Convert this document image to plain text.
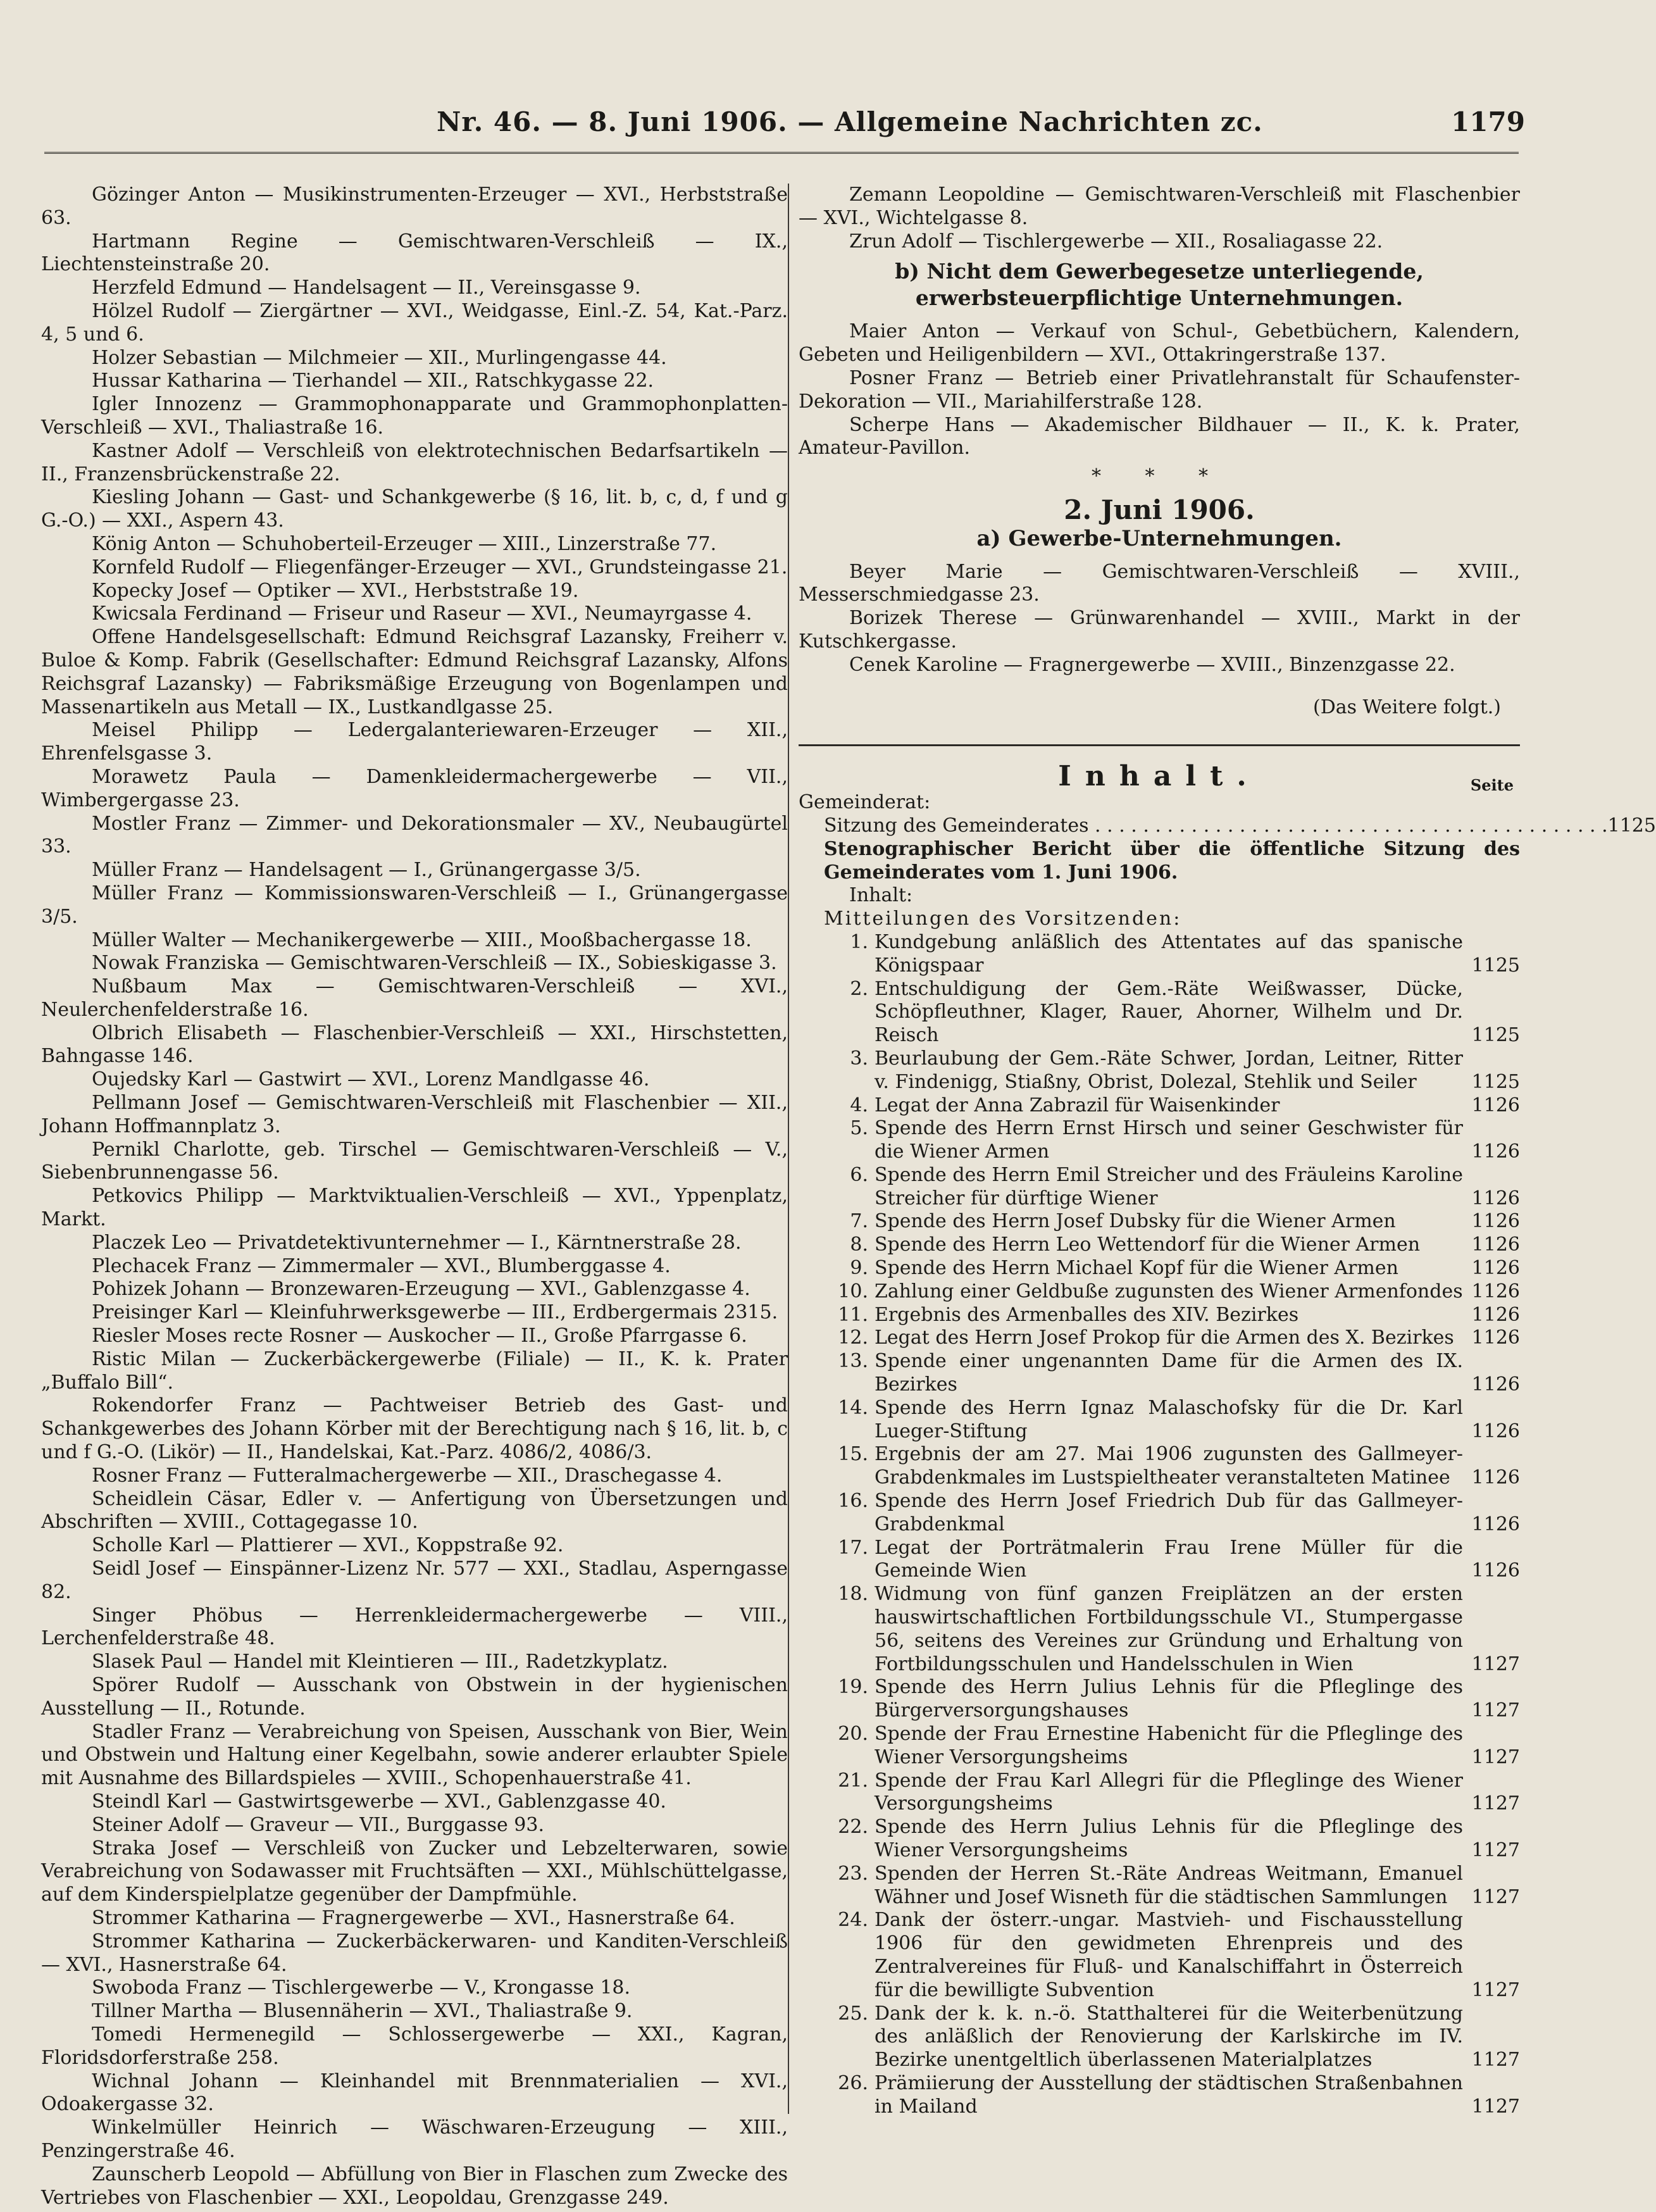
Nr. 46. — 8. Juni 1906. — Allgemeine Nachrichten zc.	1179

Gözinger Anton — Musikinstrumenten-Erzeuger — XVI., Herbststraße 63.

Hartmann Regine — Gemischtwaren-Verschleiß — IX., Liechtensteinstraße 20.

Herzfeld Edmund — Handelsagent — II., Vereinsgasse 9.

Hölzel Rudolf — Ziergärtner — XVI., Weidgasse, Einl.-Z. 54, Kat.-Parz. 4, 5 und 6.

Holzer Sebastian — Milchmeier — XII., Murlingengasse 44.

Hussar Katharina — Tierhandel — XII., Ratschkygasse 22.

Igler Innozenz — Grammophonapparate und Grammophonplatten-Verschleiß — XVI., Thaliastraße 16.

Kastner Adolf — Verschleiß von elektrotechnischen Bedarfsartikeln — II., Franzensbrückenstraße 22.

Kiesling Johann — Gast- und Schankgewerbe (§ 16, lit. b, c, d, f und g G.-O.) — XXI., Aspern 43.

König Anton — Schuhoberteil-Erzeuger — XIII., Linzerstraße 77.

Kornfeld Rudolf — Fliegenfänger-Erzeuger — XVI., Grundsteingasse 21.

Kopecky Josef — Optiker — XVI., Herbststraße 19.

Kwicsala Ferdinand — Friseur und Raseur — XVI., Neumayrgasse 4.

Offene Handelsgesellschaft: Edmund Reichsgraf Lazansky, Freiherr v. Buloe & Komp. Fabrik (Gesellschafter: Edmund Reichsgraf Lazansky, Alfons Reichsgraf Lazansky) — Fabriksmäßige Erzeugung von Bogenlampen und Massenartikeln aus Metall — IX., Lustkandlgasse 25.

Meisel Philipp — Ledergalanteriewaren-Erzeuger — XII., Ehrenfelsgasse 3.

Morawetz Paula — Damenkleidermachergewerbe — VII., Wimbergergasse 23.

Mostler Franz — Zimmer- und Dekorationsmaler — XV., Neubaugürtel 33.

Müller Franz — Handelsagent — I., Grünangergasse 3/5.

Müller Franz — Kommissionswaren-Verschleiß — I., Grünangergasse 3/5.

Müller Walter — Mechanikergewerbe — XIII., Mooßbachergasse 18.

Nowak Franziska — Gemischtwaren-Verschleiß — IX., Sobieskigasse 3.

Nußbaum Max — Gemischtwaren-Verschleiß — XVI., Neulerchenfelderstraße 16.

Olbrich Elisabeth — Flaschenbier-Verschleiß — XXI., Hirschstetten, Bahngasse 146.

Oujedsky Karl — Gastwirt — XVI., Lorenz Mandlgasse 46.

Pellmann Josef — Gemischtwaren-Verschleiß mit Flaschenbier — XII., Johann Hoffmannplatz 3.

Pernikl Charlotte, geb. Tirschel — Gemischtwaren-Verschleiß — V., Siebenbrunnengasse 56.

Petkovics Philipp — Marktviktualien-Verschleiß — XVI., Yppenplatz, Markt.

Placzek Leo — Privatdetektivunternehmer — I., Kärntnerstraße 28.

Plechacek Franz — Zimmermaler — XVI., Blumberggasse 4.

Pohizek Johann — Bronzewaren-Erzeugung — XVI., Gablenzgasse 4.

Preisinger Karl — Kleinfuhrwerksgewerbe — III., Erdbergermais 2315.

Riesler Moses recte Rosner — Auskocher — II., Große Pfarrgasse 6.

Ristic Milan — Zuckerbäckergewerbe (Filiale) — II., K. k. Prater „Buffalo Bill“.

Rokendorfer Franz — Pachtweiser Betrieb des Gast- und Schankgewerbes des Johann Körber mit der Berechtigung nach § 16, lit. b, c und f G.-O. (Likör) — II., Handelskai, Kat.-Parz. 4086/2, 4086/3.

Rosner Franz — Futteralmachergewerbe — XII., Draschegasse 4.

Scheidlein Cäsar, Edler v. — Anfertigung von Übersetzungen und Abschriften — XVIII., Cottagegasse 10.

Scholle Karl — Plattierer — XVI., Koppstraße 92.

Seidl Josef — Einspänner-Lizenz Nr. 577 — XXI., Stadlau, Asperngasse 82.

Singer Phöbus — Herrenkleidermachergewerbe — VIII., Lerchenfelderstraße 48.

Slasek Paul — Handel mit Kleintieren — III., Radetzkyplatz.

Spörer Rudolf — Ausschank von Obstwein in der hygienischen Ausstellung — II., Rotunde.

Stadler Franz — Verabreichung von Speisen, Ausschank von Bier, Wein und Obstwein und Haltung einer Kegelbahn, sowie anderer erlaubter Spiele mit Ausnahme des Billardspieles — XVIII., Schopenhauerstraße 41.

Steindl Karl — Gastwirtsgewerbe — XVI., Gablenzgasse 40.

Steiner Adolf — Graveur — VII., Burggasse 93.

Straka Josef — Verschleiß von Zucker und Lebzelterwaren, sowie Verabreichung von Sodawasser mit Fruchtsäften — XXI., Mühlschüttelgasse, auf dem Kinderspielplatze gegenüber der Dampfmühle.

Strommer Katharina — Fragnergewerbe — XVI., Hasnerstraße 64.

Strommer Katharina — Zuckerbäckerwaren- und Kanditen-Verschleiß — XVI., Hasnerstraße 64.

Swoboda Franz — Tischlergewerbe — V., Krongasse 18.

Tillner Martha — Blusennäherin — XVI., Thaliastraße 9.

Tomedi Hermenegild — Schlossergewerbe — XXI., Kagran, Floridsdorferstraße 258.

Wichnal Johann — Kleinhandel mit Brennmaterialien — XVI., Odoakergasse 32.

Winkelmüller Heinrich — Wäschwaren-Erzeugung — XIII., Penzingerstraße 46.

Zaunscherb Leopold — Abfüllung von Bier in Flaschen zum Zwecke des Vertriebes von Flaschenbier — XXI., Leopoldau, Grenzgasse 249.

Zemann Leopoldine — Gemischtwaren-Verschleiß mit Flaschenbier — XVI., Wichtelgasse 8.

Zrun Adolf — Tischlergewerbe — XII., Rosaliagasse 22.

b) Nicht dem Gewerbegesetze unterliegende, erwerbsteuerpflichtige Unternehmungen.

Maier Anton — Verkauf von Schul-, Gebetbüchern, Kalendern, Gebeten und Heiligenbildern — XVI., Ottakringerstraße 137.

Posner Franz — Betrieb einer Privatlehranstalt für Schaufenster-Dekoration — VII., Mariahilferstraße 128.

Scherpe Hans — Akademischer Bildhauer — II., K. k. Prater, Amateur-Pavillon.

* * *
2. Juni 1906.
a) Gewerbe-Unternehmungen.

Beyer Marie — Gemischtwaren-Verschleiß — XVIII., Messerschmiedgasse 23.

Borizek Therese — Grünwarenhandel — XVIII., Markt in der Kutschkergasse.

Cenek Karoline — Fragnergewerbe — XVIII., Binzenzgasse 22.

(Das Weitere folgt.)

Inhalt.	Seite

Gemeinderat:

Sitzung des Gemeinderates . . . . . . . . . . . . . . . . . . . . . . . . . . . . . . . . . . . . . . . . . . . 1125

Stenographischer Bericht über die öffentliche Sitzung des Gemeinderates vom 1. Juni 1906.

Inhalt:

Mitteilungen des Vorsitzenden:

1. Kundgebung anläßlich des Attentates auf das spanische Königspaar	1125
2. Entschuldigung der Gem.-Räte Weißwasser, Dücke, Schöpfleuthner, Klager, Rauer, Ahorner, Wilhelm und Dr. Reisch	1125
3. Beurlaubung der Gem.-Räte Schwer, Jordan, Leitner, Ritter v. Findenigg, Stiaßny, Obrist, Dolezal, Stehlik und Seiler	1125
4. Legat der Anna Zabrazil für Waisenkinder	1126
5. Spende des Herrn Ernst Hirsch und seiner Geschwister für die Wiener Armen	1126
6. Spende des Herrn Emil Streicher und des Fräuleins Karoline Streicher für dürftige Wiener	1126
7. Spende des Herrn Josef Dubsky für die Wiener Armen	1126
8. Spende des Herrn Leo Wettendorf für die Wiener Armen	1126
9. Spende des Herrn Michael Kopf für die Wiener Armen	1126
10. Zahlung einer Geldbuße zugunsten des Wiener Armenfondes 1126
11. Ergebnis des Armenballes des XIV. Bezirkes	1126
12. Legat des Herrn Josef Prokop für die Armen des X. Bezirkes 1126
13. Spende einer ungenannten Dame für die Armen des IX. Bezirkes	1126
14. Spende des Herrn Ignaz Malaschofsky für die Dr. Karl Lueger-Stiftung	1126
15. Ergebnis der am 27. Mai 1906 zugunsten des Gallmeyer-Grabdenkmales im Lustspieltheater veranstalteten Matinee	1126
16. Spende des Herrn Josef Friedrich Dub für das Gallmeyer-Grabdenkmal	1126
17. Legat der Porträtmalerin Frau Irene Müller für die Gemeinde Wien	1126
18. Widmung von fünf ganzen Freiplätzen an der ersten hauswirtschaftlichen Fortbildungsschule VI., Stumpergasse 56, seitens des Vereines zur Gründung und Erhaltung von Fortbildungsschulen und Handelsschulen in Wien	1127
19. Spende des Herrn Julius Lehnis für die Pfleglinge des Bürgerversorgungshauses	1127
20. Spende der Frau Ernestine Habenicht für die Pfleglinge des Wiener Versorgungsheims	1127
21. Spende der Frau Karl Allegri für die Pfleglinge des Wiener Versorgungsheims	1127
22. Spende des Herrn Julius Lehnis für die Pfleglinge des Wiener Versorgungsheims	1127
23. Spenden der Herren St.-Räte Andreas Weitmann, Emanuel Wähner und Josef Wisneth für die städtischen Sammlungen	1127
24. Dank der österr.-ungar. Mastvieh- und Fischausstellung 1906 für den gewidmeten Ehrenpreis und des Zentralvereines für Fluß- und Kanalschiffahrt in Österreich für die bewilligte Subvention	1127
25. Dank der k. k. n.-ö. Statthalterei für die Weiterbenützung des anläßlich der Renovierung der Karlskirche im IV. Bezirke unentgeltlich überlassenen Materialplatzes	1127
26. Prämiierung der Ausstellung der städtischen Straßenbahnen in Mailand	1127
